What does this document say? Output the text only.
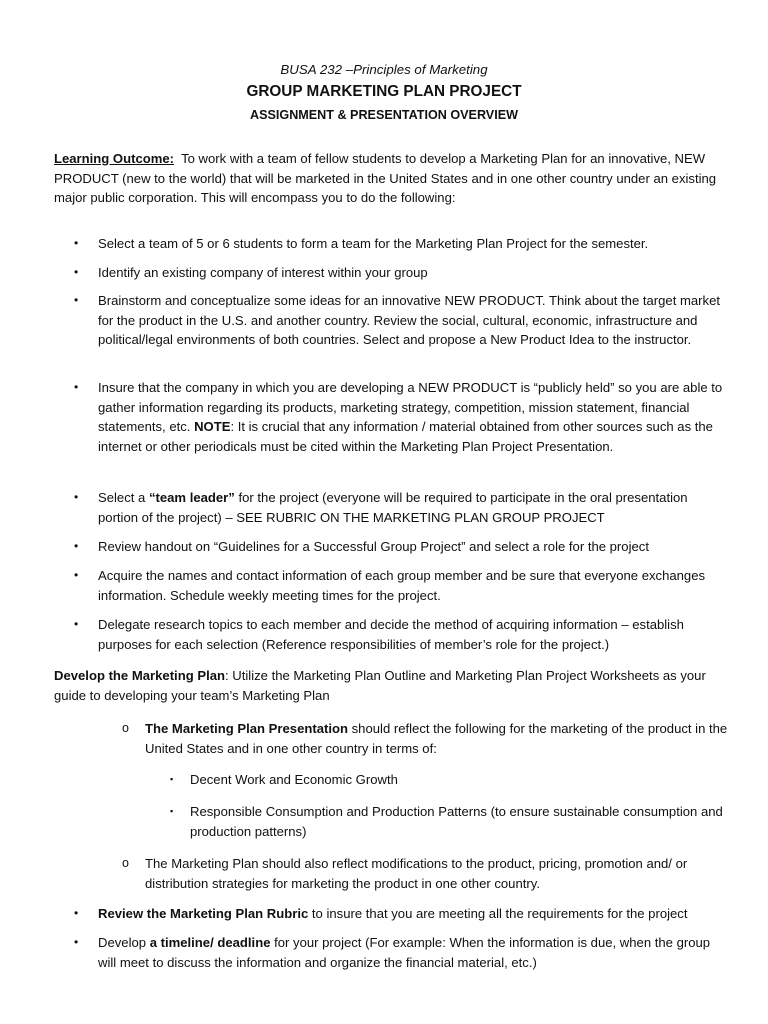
BUSA 232 –Principles of Marketing
GROUP MARKETING PLAN PROJECT
ASSIGNMENT & PRESENTATION OVERVIEW
Learning Outcome: To work with a team of fellow students to develop a Marketing Plan for an innovative, NEW PRODUCT (new to the world) that will be marketed in the United States and in one other country under an existing major public corporation. This will encompass you to do the following:
• Select a team of 5 or 6 students to form a team for the Marketing Plan Project for the semester.
• Identify an existing company of interest within your group
• Brainstorm and conceptualize some ideas for an innovative NEW PRODUCT. Think about the target market for the product in the U.S. and another country. Review the social, cultural, economic, infrastructure and political/legal environments of both countries. Select and propose a New Product Idea to the instructor.
• Insure that the company in which you are developing a NEW PRODUCT is “publicly held” so you are able to gather information regarding its products, marketing strategy, competition, mission statement, financial statements, etc. NOTE: It is crucial that any information / material obtained from other sources such as the internet or other periodicals must be cited within the Marketing Plan Project Presentation.
• Select a “team leader” for the project (everyone will be required to participate in the oral presentation portion of the project) – SEE RUBRIC ON THE MARKETING PLAN GROUP PROJECT
• Review handout on “Guidelines for a Successful Group Project” and select a role for the project
• Acquire the names and contact information of each group member and be sure that everyone exchanges information. Schedule weekly meeting times for the project.
• Delegate research topics to each member and decide the method of acquiring information – establish purposes for each selection (Reference responsibilities of member’s role for the project.)
Develop the Marketing Plan: Utilize the Marketing Plan Outline and Marketing Plan Project Worksheets as your guide to developing your team’s Marketing Plan
o The Marketing Plan Presentation should reflect the following for the marketing of the product in the United States and in one other country in terms of:
▪ Decent Work and Economic Growth
▪ Responsible Consumption and Production Patterns (to ensure sustainable consumption and production patterns)
o The Marketing Plan should also reflect modifications to the product, pricing, promotion and/ or distribution strategies for marketing the product in one other country.
• Review the Marketing Plan Rubric to insure that you are meeting all the requirements for the project
• Develop a timeline/ deadline for your project (For example: When the information is due, when the group will meet to discuss the information and organize the financial material, etc.)
